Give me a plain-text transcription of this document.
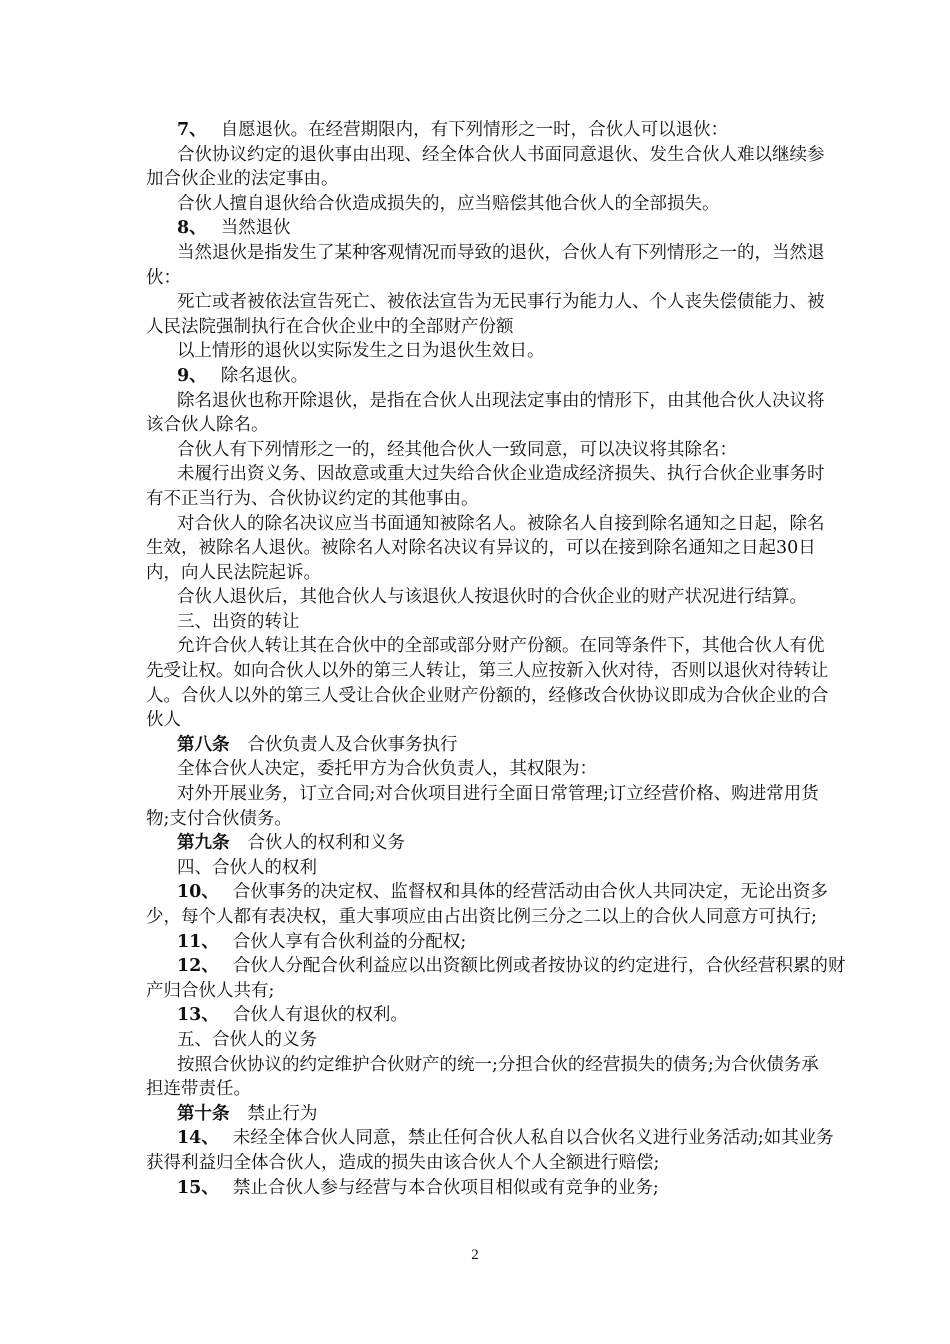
7、 自愿退伙。在经营期限内，有下列情形之一时，合伙人可以退伙：
合伙协议约定的退伙事由出现、经全体合伙人书面同意退伙、发生合伙人难以继续参
加合伙企业的法定事由。
合伙人擅自退伙给合伙造成损失的，应当赔偿其他合伙人的全部损失。
8、 当然退伙
当然退伙是指发生了某种客观情况而导致的退伙，合伙人有下列情形之一的，当然退
伙：
死亡或者被依法宣告死亡、被依法宣告为无民事行为能力人、个人丧失偿债能力、被
人民法院强制执行在合伙企业中的全部财产份额
以上情形的退伙以实际发生之日为退伙生效日。
9、 除名退伙。
除名退伙也称开除退伙，是指在合伙人出现法定事由的情形下，由其他合伙人决议将
该合伙人除名。
合伙人有下列情形之一的，经其他合伙人一致同意，可以决议将其除名：
未履行出资义务、因故意或重大过失给合伙企业造成经济损失、执行合伙企业事务时
有不正当行为、合伙协议约定的其他事由。
对合伙人的除名决议应当书面通知被除名人。被除名人自接到除名通知之日起，除名
生效，被除名人退伙。被除名人对除名决议有异议的，可以在接到除名通知之日起30日
内，向人民法院起诉。
合伙人退伙后，其他合伙人与该退伙人按退伙时的合伙企业的财产状况进行结算。
三、出资的转让
允许合伙人转让其在合伙中的全部或部分财产份额。在同等条件下，其他合伙人有优
先受让权。如向合伙人以外的第三人转让，第三人应按新入伙对待，否则以退伙对待转让
人。合伙人以外的第三人受让合伙企业财产份额的，经修改合伙协议即成为合伙企业的合
伙人
第八条 合伙负责人及合伙事务执行
全体合伙人决定，委托甲方为合伙负责人，其权限为：
对外开展业务，订立合同;对合伙项目进行全面日常管理;订立经营价格、购进常用货
物;支付合伙债务。
第九条 合伙人的权利和义务
四、合伙人的权利
10、 合伙事务的决定权、监督权和具体的经营活动由合伙人共同决定，无论出资多
少，每个人都有表决权，重大事项应由占出资比例三分之二以上的合伙人同意方可执行;
11、 合伙人享有合伙利益的分配权;
12、 合伙人分配合伙利益应以出资额比例或者按协议的约定进行，合伙经营积累的财
产归合伙人共有;
13、 合伙人有退伙的权利。
五、合伙人的义务
按照合伙协议的约定维护合伙财产的统一;分担合伙的经营损失的债务;为合伙债务承
担连带责任。
第十条 禁止行为
14、 未经全体合伙人同意，禁止任何合伙人私自以合伙名义进行业务活动;如其业务
获得利益归全体合伙人，造成的损失由该合伙人个人全额进行赔偿;
15、 禁止合伙人参与经营与本合伙项目相似或有竞争的业务;
2
